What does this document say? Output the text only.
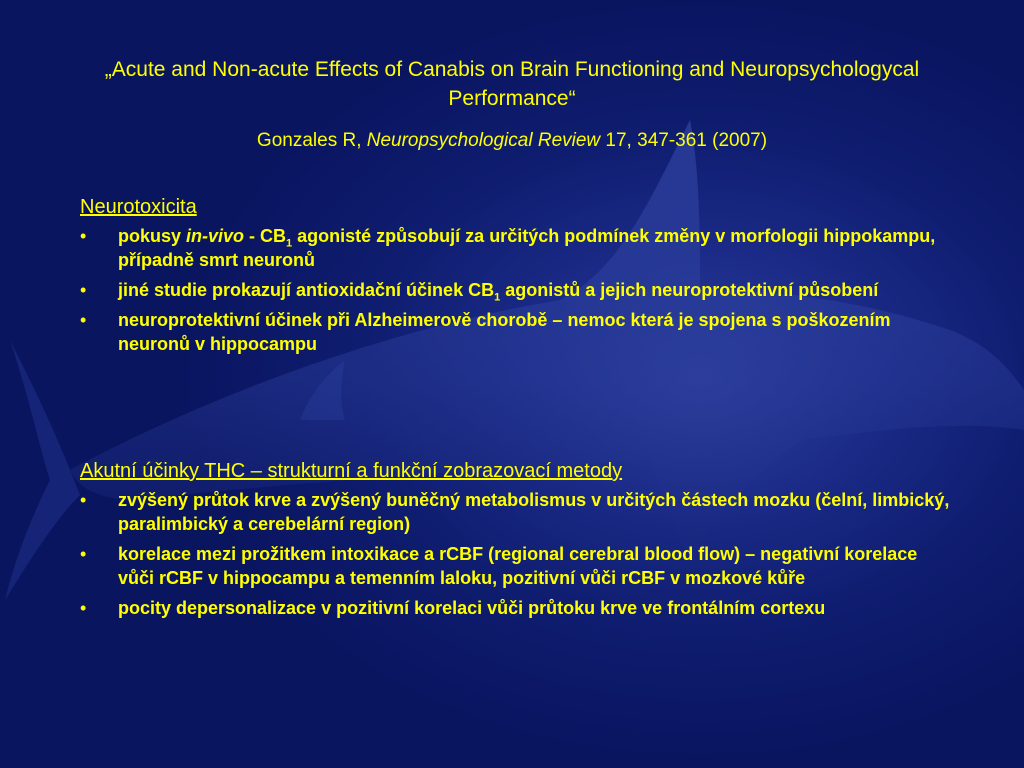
„Acute and Non-acute Effects of Canabis on Brain Functioning and Neuropsychologycal Performance“
Gonzales R, Neuropsychological Review 17, 347-361 (2007)
Neurotoxicita
• pokusy in-vivo - $CB_1$ agonisté způsobují za určitých podmínek změny v morfologii hippokampu, případně smrt neuronů
• jiné studie prokazují antioxidační účinek $CB_1$ agonistů a jejich neuroprotektivní působení
• neuroprotektivní účinek při Alzheimerově chorobě – nemoc která je spojena s poškozením neuronů v hippocampu
Akutní účinky THC – strukturní a funkční zobrazovací metody
• zvýšený průtok krve a zvýšený buněčný metabolismus v určitých částech mozku (čelní, limbický, paralimbický a cerebelární region)
• korelace mezi prožitkem intoxikace a rCBF (regional cerebral blood flow) – negativní korelace vůči rCBF v hippocampu a temenním laloku, pozitivní vůči rCBF v mozkové kůře
• pocity depersonalizace v pozitivní korelaci vůči průtoku krve ve frontálním cortexu
